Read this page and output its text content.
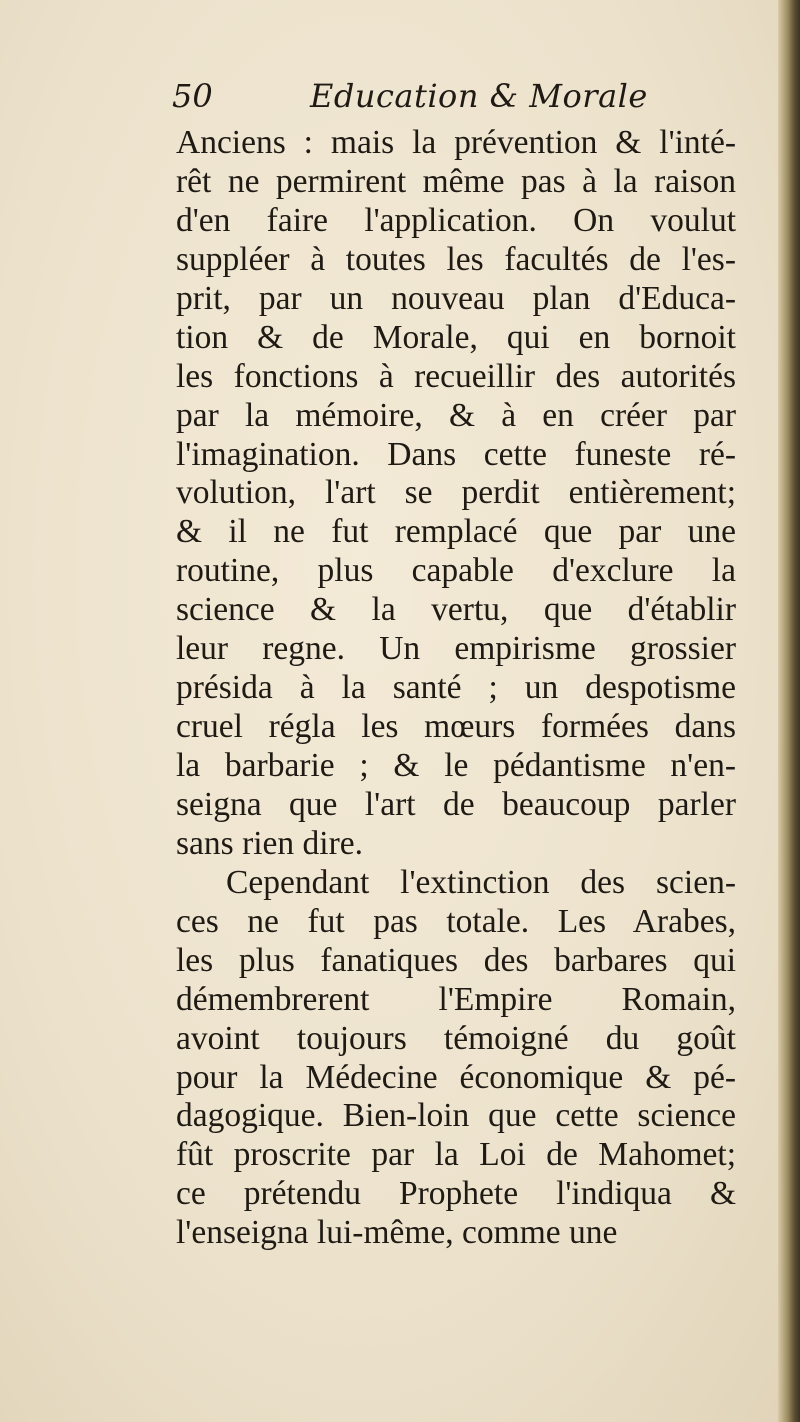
50	Education & Morale
Anciens : mais la prévention & l'inté-
rêt ne permirent même pas à la raison
d'en faire l'application. On voulut
suppléer à toutes les facultés de l'es-
prit, par un nouveau plan d'Educa-
tion & de Morale, qui en bornoit
les fonctions à recueillir des autorités
par la mémoire, & à en créer par
l'imagination. Dans cette funeste ré-
volution, l'art se perdit entièrement;
& il ne fut remplacé que par une
routine, plus capable d'exclure la
science & la vertu, que d'établir
leur regne. Un empirisme grossier
présida à la santé ; un despotisme
cruel régla les mœurs formées dans
la barbarie ; & le pédantisme n'en-
seigna que l'art de beaucoup parler
sans rien dire.
Cependant l'extinction des scien-
ces ne fut pas totale. Les Arabes,
les plus fanatiques des barbares qui
démembrerent l'Empire Romain,
avoint toujours témoigné du goût
pour la Médecine économique & pé-
dagogique. Bien-loin que cette science
fût proscrite par la Loi de Mahomet;
ce prétendu Prophete l'indiqua &
l'enseigna lui-même, comme une
